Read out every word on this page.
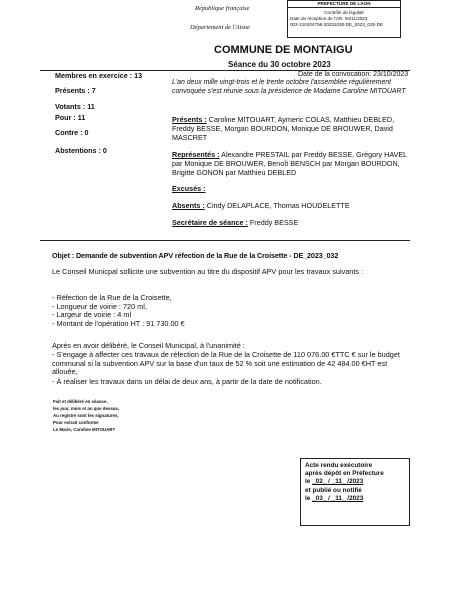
PREFECTURE DE LAON
Contrôle de légalité
Date de réception de l'AR: 03/11/2023
002-210204756-20231030-DE_2023_032-DE
République française
Département de l'Aisne
COMMUNE DE MONTAIGU
Séance du 30 octobre 2023
Membres en exercice : 13	Date de la convocation: 23/10/2023
Présents : 7
Votants : 11
Pour : 11
Contre : 0
Abstentions : 0
L'an deux mille vingt-trois et le trente octobre l'assemblée régulièrement convoquée s'est réunie sous la présidence de Madame Caroline MITOUART
Présents : Caroline MITOUART, Aymeric COLAS, Matthieu DEBLED, Freddy BESSE, Morgan BOURDON, Monique DE BROUWER, David MASCRET
Représentés : Alexandre PRESTAIL par Freddy BESSE, Grégory HAVEL par Monique DE BROUWER, Benoît BENSCH par Morgan BOURDON, Brigitte GONON par Matthieu DEBLED
Excusés :
Absents : Cindy DELAPLACE, Thomas HOUDELETTE
Secrétaire de séance : Freddy BESSE
Objet : Demande de subvention APV réfection de la Rue de la Croisette - DE_2023_032
Le Conseil Municpal sollicite une subvention au titre du dispositif APV pour les travaux suivants :
- Réfection de la Rue de la Croisette,
- Longueur de voirie : 720 ml,
- Largeur de voirie : 4 ml
- Montant de l'opération HT : 91 730.00 €
Après en avoir délibéré, le Conseil Municipal, à l'unanimité :
- S'engage à affecter ces travaux de réfection de la Rue de la Croisette de 110 076.00 €TTC € sur le budget communal si la subvention APV sur la base d'un taux de 52 % soit une estimation de 42 484.00 €HT est allouée,
- À réaliser les travaux dans un délai de deux ans, à partir de la date de notification.
Fait et délibéré en séance,
les jour, mois et an que dessus,
Au registre sont les signatures,
Pour extrait conforme
Le Maire, Caroline MITOUART
Acte rendu exécutoire
après dépôt en Préfecture
le _02_ / _11_ /2023
et publié ou notifié
le _03_ / _11_ /2023
